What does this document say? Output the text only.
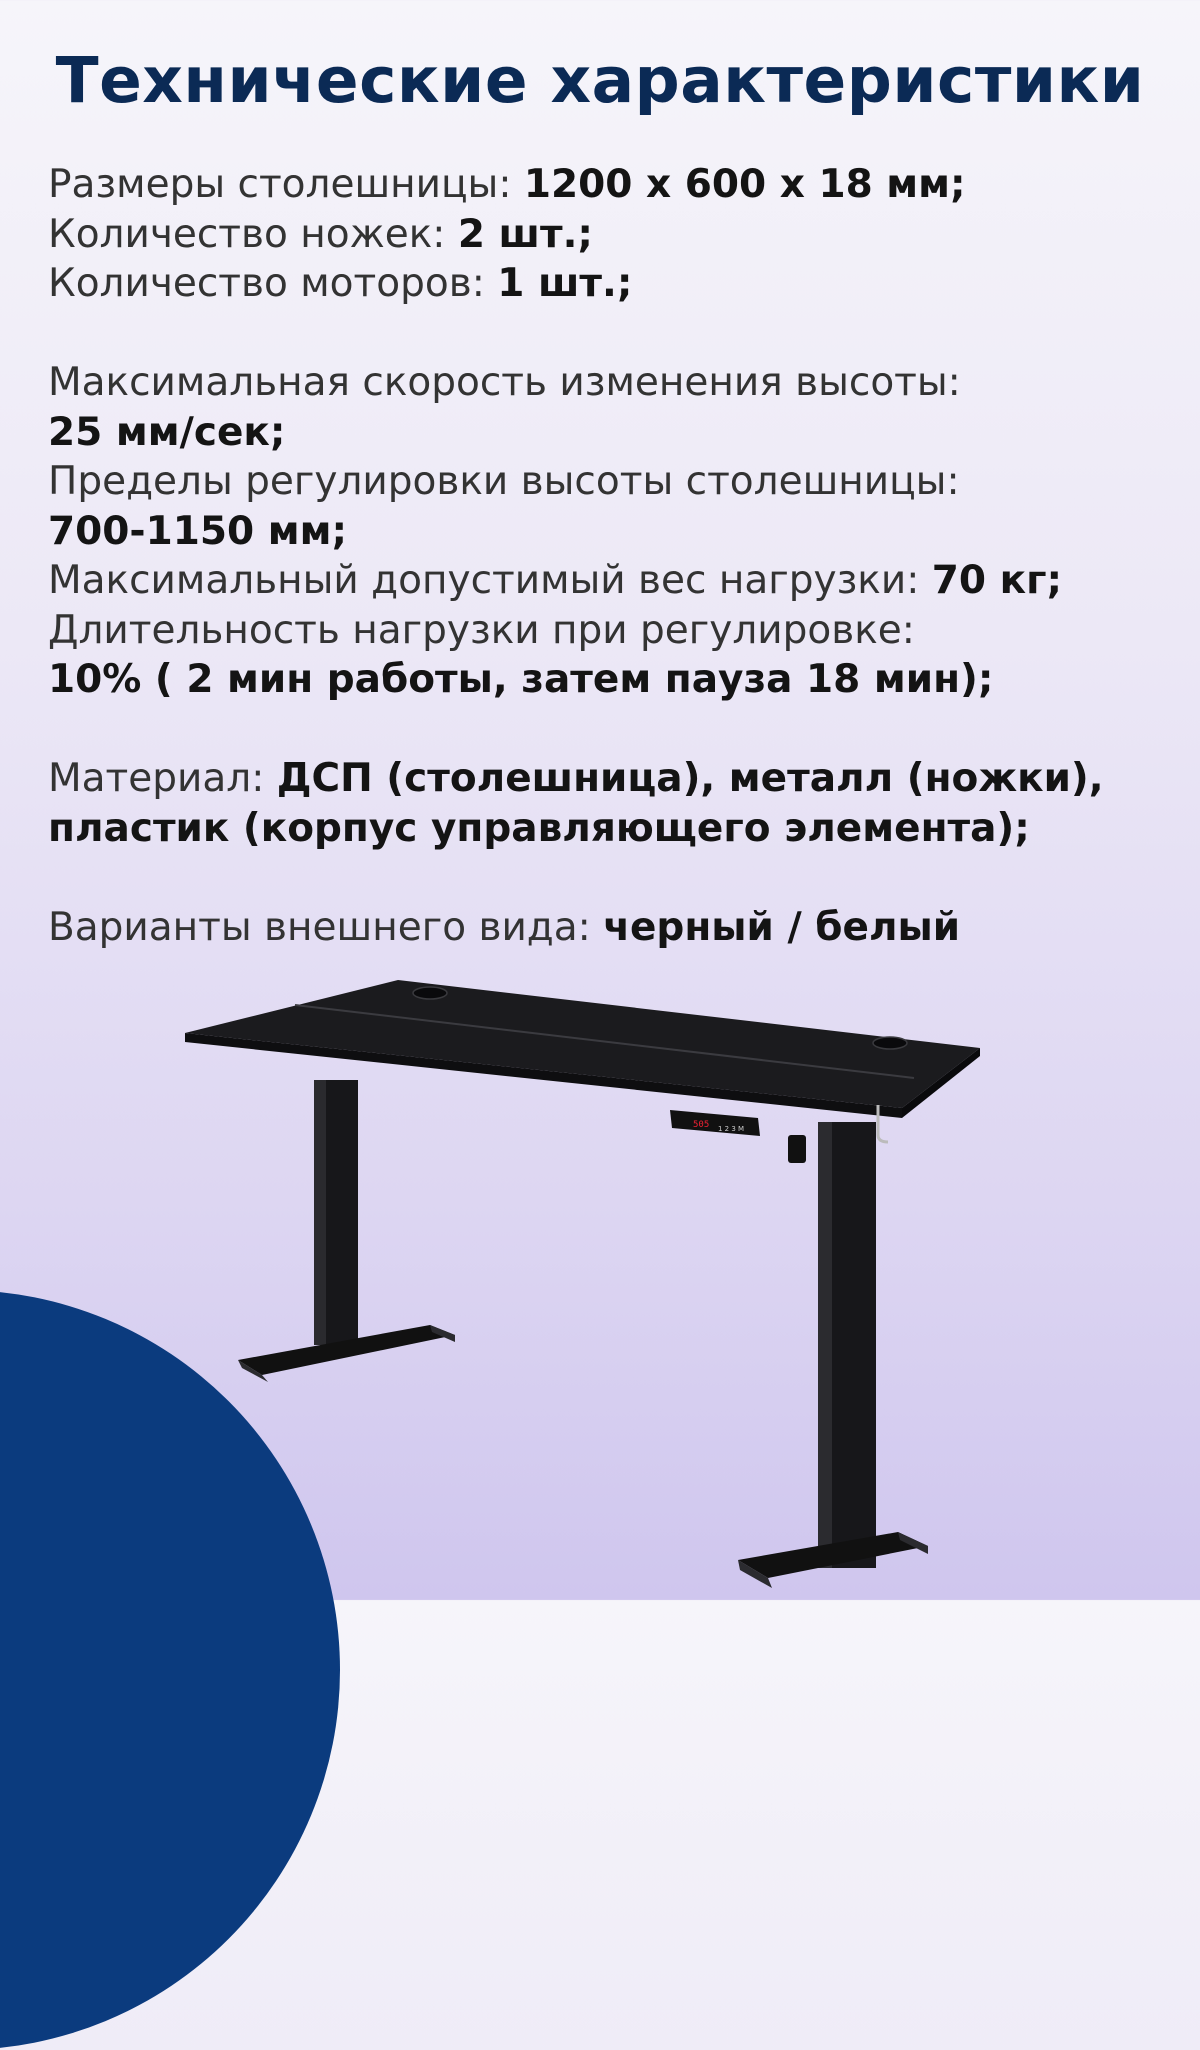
Технические характеристики
Размеры столешницы: 1200 х 600 х 18 мм;
Количество ножек: 2 шт.;
Количество моторов: 1 шт.;
Максимальная скорость изменения высоты:
25 мм/сек;
Пределы регулировки высоты столешницы:
700-1150 мм;
Максимальный допустимый вес нагрузки: 70 кг;
Длительность нагрузки при регулировке:
10% ( 2 мин работы, затем пауза 18 мин);
Материал: ДСП (столешница), металл (ножки),
пластик (корпус управляющего элемента);
Варианты внешнего вида: черный / белый
505 1 2 3 M
